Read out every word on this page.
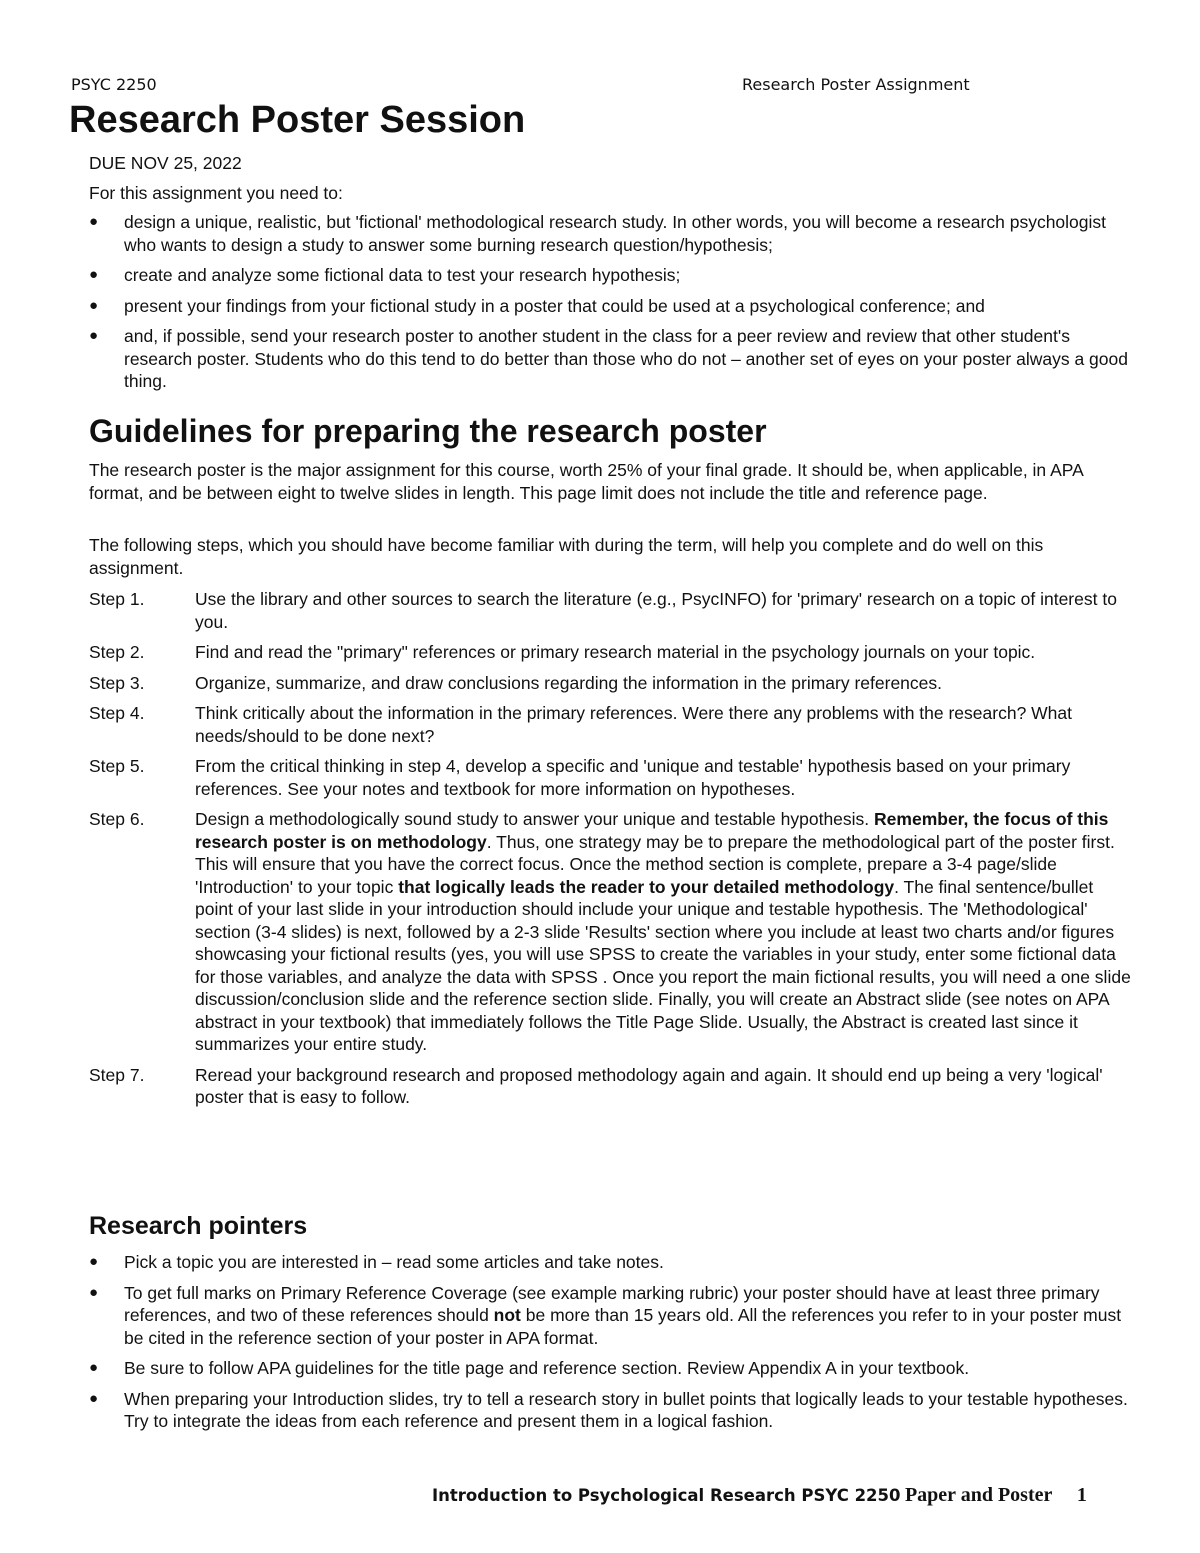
PSYC 2250	Research Poster Assignment
Research Poster Session
DUE NOV 25, 2022
For this assignment you need to:
● design a unique, realistic, but 'fictional' methodological research study. In other words, you will become a research psychologist who wants to design a study to answer some burning research question/hypothesis;
● create and analyze some fictional data to test your research hypothesis;
● present your findings from your fictional study in a poster that could be used at a psychological conference; and
● and, if possible, send your research poster to another student in the class for a peer review and review that other student's research poster. Students who do this tend to do better than those who do not – another set of eyes on your poster always a good thing.
Guidelines for preparing the research poster

The research poster is the major assignment for this course, worth 25% of your final grade. It should be, when applicable, in APA format, and be between eight to twelve slides in length. This page limit does not include the title and reference page.

The following steps, which you should have become familiar with during the term, will help you complete and do well on this assignment.

Step 1.	Use the library and other sources to search the literature (e.g., PsycINFO) for 'primary' research on a topic of interest to you.
Step 2.	Find and read the "primary" references or primary research material in the psychology journals on your topic.
Step 3.	Organize, summarize, and draw conclusions regarding the information in the primary references.
Step 4.	Think critically about the information in the primary references. Were there any problems with the research? What needs/should to be done next?
Step 5.	From the critical thinking in step 4, develop a specific and 'unique and testable' hypothesis based on your primary references. See your notes and textbook for more information on hypotheses.
Step 6.	Design a methodologically sound study to answer your unique and testable hypothesis. Remember, the focus of this research poster is on methodology. Thus, one strategy may be to prepare the methodological part of the poster first. This will ensure that you have the correct focus. Once the method section is complete, prepare a 3-4 page/slide 'Introduction' to your topic that logically leads the reader to your detailed methodology. The final sentence/bullet point of your last slide in your introduction should include your unique and testable hypothesis. The 'Methodological' section (3-4 slides) is next, followed by a 2-3 slide 'Results' section where you include at least two charts and/or figures showcasing your fictional results (yes, you will use SPSS to create the variables in your study, enter some fictional data for those variables, and analyze the data with SPSS . Once you report the main fictional results, you will need a one slide discussion/conclusion slide and the reference section slide. Finally, you will create an Abstract slide (see notes on APA abstract in your textbook) that immediately follows the Title Page Slide. Usually, the Abstract is created last since it summarizes your entire study.
Step 7.	Reread your background research and proposed methodology again and again. It should end up being a very 'logical' poster that is easy to follow.
Research pointers
● Pick a topic you are interested in – read some articles and take notes.
● To get full marks on Primary Reference Coverage (see example marking rubric) your poster should have at least three primary references, and two of these references should not be more than 15 years old. All the references you refer to in your poster must be cited in the reference section of your poster in APA format.
● Be sure to follow APA guidelines for the title page and reference section. Review Appendix A in your textbook.
● When preparing your Introduction slides, try to tell a research story in bullet points that logically leads to your testable hypotheses. Try to integrate the ideas from each reference and present them in a logical fashion.
Introduction to Psychological Research PSYC 2250 Paper and Poster 1
